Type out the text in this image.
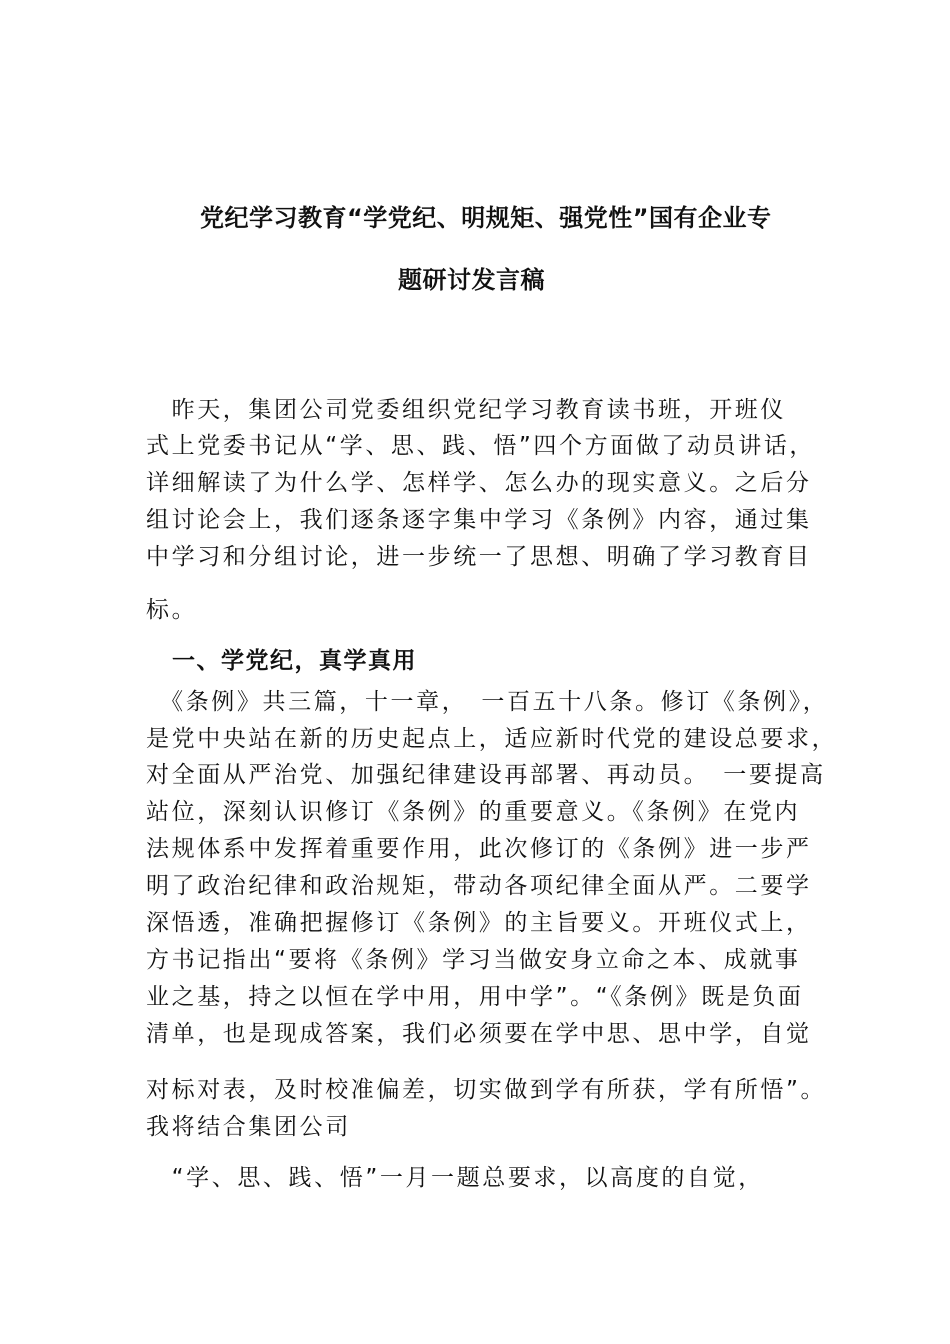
党纪学习教育“学党纪、明规矩、强党性”国有企业专
题研讨发言稿
　昨天，集团公司党委组织党纪学习教育读书班，开班仪
式上党委书记从“学、思、践、悟”四个方面做了动员讲话，
详细解读了为什么学、怎样学、怎么办的现实意义。之后分
组讨论会上，我们逐条逐字集中学习《条例》内容，通过集
中学习和分组讨论，进一步统一了思想、明确了学习教育目
标。
一、学党纪，真学真用
　《条例》共三篇，十一章，　一百五十八条。修订《条例》，
是党中央站在新的历史起点上，适应新时代党的建设总要求，
对全面从严治党、加强纪律建设再部署、再动员。　一要提高
站位，深刻认识修订《条例》的重要意义。《条例》在党内
法规体系中发挥着重要作用，此次修订的《条例》进一步严
明了政治纪律和政治规矩，带动各项纪律全面从严。二要学
深悟透，准确把握修订《条例》的主旨要义。开班仪式上，
方书记指出“要将《条例》学习当做安身立命之本、成就事
业之基，持之以恒在学中用，用中学”。“《条例》既是负面
清单，也是现成答案，我们必须要在学中思、思中学，自觉
对标对表，及时校准偏差，切实做到学有所获，学有所悟”。
我将结合集团公司
　“学、思、践、悟”一月一题总要求，以高度的自觉，
